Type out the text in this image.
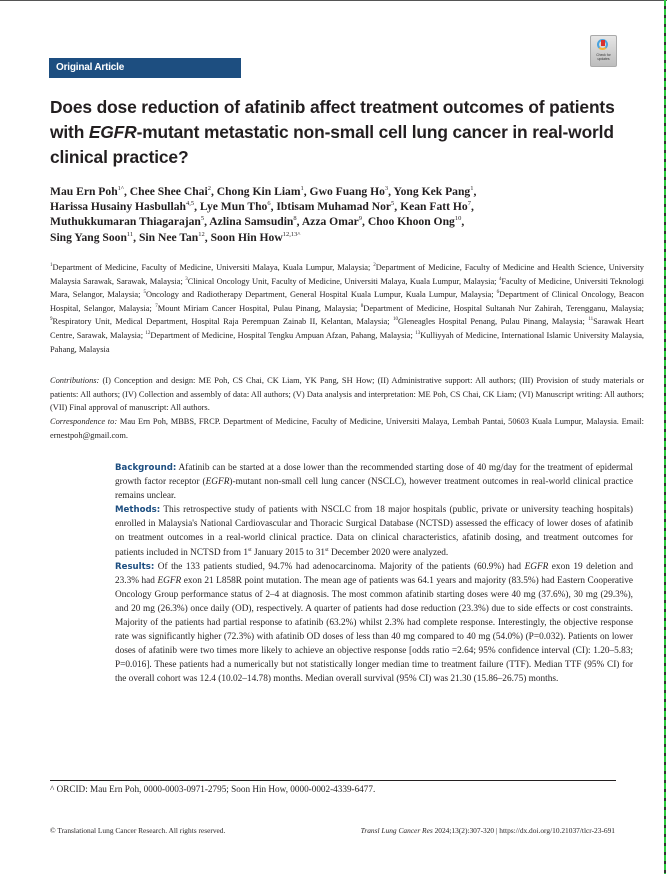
Check for updates
Original Article
Does dose reduction of afatinib affect treatment outcomes of patients with EGFR-mutant metastatic non-small cell lung cancer in real-world clinical practice?
Mau Ern Poh$^{1\^{}}$, Chee Shee Chai$^2$, Chong Kin Liam$^1$, Gwo Fuang Ho$^3$, Yong Kek Pang$^1$,
Harissa Husainy Hasbullah$^{4,5}$, Lye Mun Tho$^6$, Ibtisam Muhamad Nor$^5$, Kean Fatt Ho$^7$,
Muthukkumaran Thiagarajan$^5$, Azlina Samsudin$^8$, Azza Omar$^9$, Choo Khoon Ong$^{10}$,
Sing Yang Soon$^{11}$, Sin Nee Tan$^{12}$, Soon Hin How$^{12,13\^{}}$
$^1$Department of Medicine, Faculty of Medicine, Universiti Malaya, Kuala Lumpur, Malaysia; $^2$Department of Medicine, Faculty of Medicine and Health Science, University Malaysia Sarawak, Sarawak, Malaysia; $^3$Clinical Oncology Unit, Faculty of Medicine, Universiti Malaya, Kuala Lumpur, Malaysia; $^4$Faculty of Medicine, Universiti Teknologi Mara, Selangor, Malaysia; $^5$Oncology and Radiotherapy Department, General Hospital Kuala Lumpur, Kuala Lumpur, Malaysia; $^6$Department of Clinical Oncology, Beacon Hospital, Selangor, Malaysia; $^7$Mount Miriam Cancer Hospital, Pulau Pinang, Malaysia; $^8$Department of Medicine, Hospital Sultanah Nur Zahirah, Terengganu, Malaysia; $^9$Respiratory Unit, Medical Department, Hospital Raja Perempuan Zainab II, Kelantan, Malaysia; $^{10}$Gleneagles Hospital Penang, Pulau Pinang, Malaysia; $^{11}$Sarawak Heart Centre, Sarawak, Malaysia; $^{12}$Department of Medicine, Hospital Tengku Ampuan Afzan, Pahang, Malaysia; $^{13}$Kulliyyah of Medicine, International Islamic University Malaysia, Pahang, Malaysia
Contributions: (I) Conception and design: ME Poh, CS Chai, CK Liam, YK Pang, SH How; (II) Administrative support: All authors; (III) Provision of study materials or patients: All authors; (IV) Collection and assembly of data: All authors; (V) Data analysis and interpretation: ME Poh, CS Chai, CK Liam; (VI) Manuscript writing: All authors; (VII) Final approval of manuscript: All authors.
Correspondence to: Mau Ern Poh, MBBS, FRCP. Department of Medicine, Faculty of Medicine, Universiti Malaya, Lembah Pantai, 50603 Kuala Lumpur, Malaysia. Email: ernestpoh@gmail.com.

Background: Afatinib can be started at a dose lower than the recommended starting dose of 40 mg/day for the treatment of epidermal growth factor receptor (EGFR)-mutant non-small cell lung cancer (NSCLC), however treatment outcomes in real-world clinical practice remains unclear.

Methods: This retrospective study of patients with NSCLC from 18 major hospitals (public, private or university teaching hospitals) enrolled in Malaysia's National Cardiovascular and Thoracic Surgical Database (NCTSD) assessed the efficacy of lower doses of afatinib on treatment outcomes in a real-world clinical practice. Data on clinical characteristics, afatinib dosing, and treatment outcomes for patients included in NCTSD from 1st January 2015 to 31st December 2020 were analyzed.

Results: Of the 133 patients studied, 94.7% had adenocarcinoma. Majority of the patients (60.9%) had EGFR exon 19 deletion and 23.3% had EGFR exon 21 L858R point mutation. The mean age of patients was 64.1 years and majority (83.5%) had Eastern Cooperative Oncology Group performance status of 2–4 at diagnosis. The most common afatinib starting doses were 40 mg (37.6%), 30 mg (29.3%), and 20 mg (26.3%) once daily (OD), respectively. A quarter of patients had dose reduction (23.3%) due to side effects or cost constraints. Majority of the patients had partial response to afatinib (63.2%) whilst 2.3% had complete response. Interestingly, the objective response rate was significantly higher (72.3%) with afatinib OD doses of less than 40 mg compared to 40 mg (54.0%) (P=0.032). Patients on lower doses of afatinib were two times more likely to achieve an objective response [odds ratio =2.64; 95% confidence interval (CI): 1.20–5.83; P=0.016]. These patients had a numerically but not statistically longer median time to treatment failure (TTF). Median TTF (95% CI) for the overall cohort was 12.4 (10.02–14.78) months. Median overall survival (95% CI) was 21.30 (15.86–26.75) months.

^ ORCID: Mau Ern Poh, 0000-0003-0971-2795; Soon Hin How, 0000-0002-4339-6477.
© Translational Lung Cancer Research. All rights reserved.	Transl Lung Cancer Res 2024;13(2):307-320 | https://dx.doi.org/10.21037/tlcr-23-691
